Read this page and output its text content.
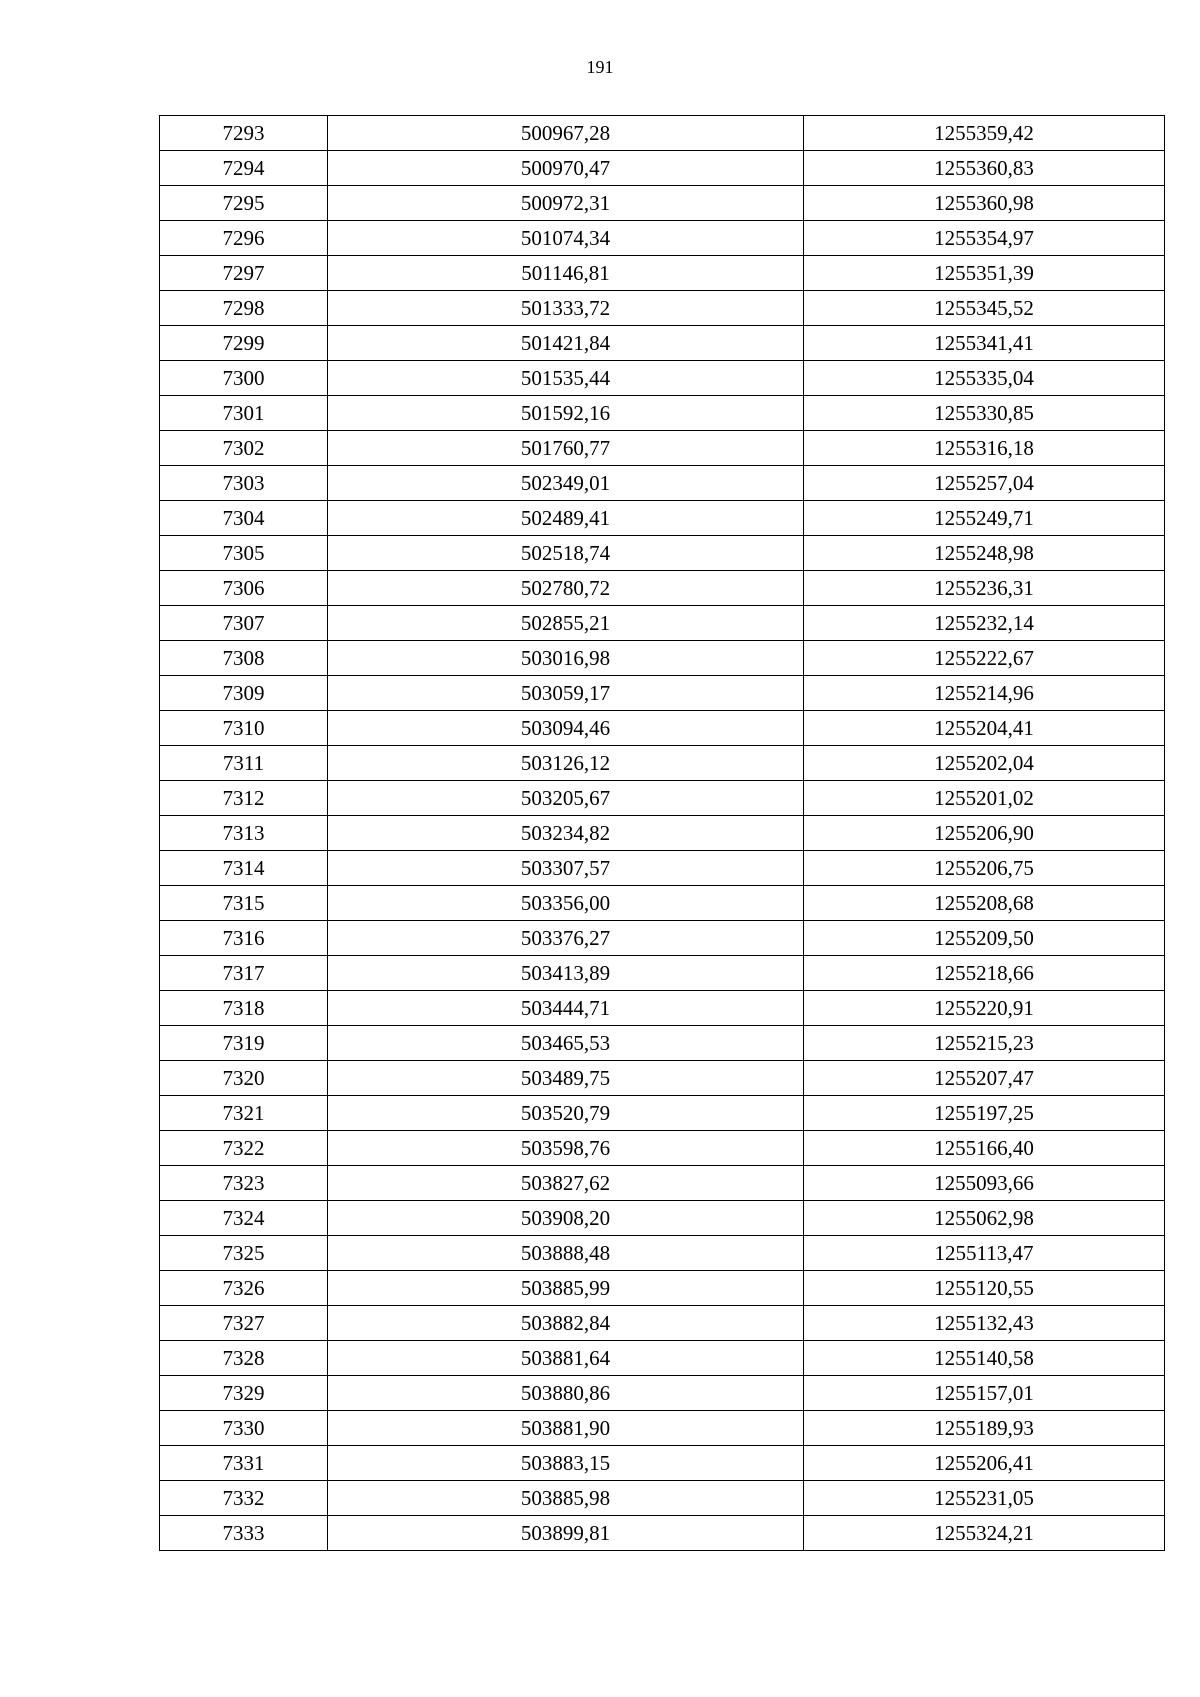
191
7293	500967,28	1255359,42
7294	500970,47	1255360,83
7295	500972,31	1255360,98
7296	501074,34	1255354,97
7297	501146,81	1255351,39
7298	501333,72	1255345,52
7299	501421,84	1255341,41
7300	501535,44	1255335,04
7301	501592,16	1255330,85
7302	501760,77	1255316,18
7303	502349,01	1255257,04
7304	502489,41	1255249,71
7305	502518,74	1255248,98
7306	502780,72	1255236,31
7307	502855,21	1255232,14
7308	503016,98	1255222,67
7309	503059,17	1255214,96
7310	503094,46	1255204,41
7311	503126,12	1255202,04
7312	503205,67	1255201,02
7313	503234,82	1255206,90
7314	503307,57	1255206,75
7315	503356,00	1255208,68
7316	503376,27	1255209,50
7317	503413,89	1255218,66
7318	503444,71	1255220,91
7319	503465,53	1255215,23
7320	503489,75	1255207,47
7321	503520,79	1255197,25
7322	503598,76	1255166,40
7323	503827,62	1255093,66
7324	503908,20	1255062,98
7325	503888,48	1255113,47
7326	503885,99	1255120,55
7327	503882,84	1255132,43
7328	503881,64	1255140,58
7329	503880,86	1255157,01
7330	503881,90	1255189,93
7331	503883,15	1255206,41
7332	503885,98	1255231,05
7333	503899,81	1255324,21
